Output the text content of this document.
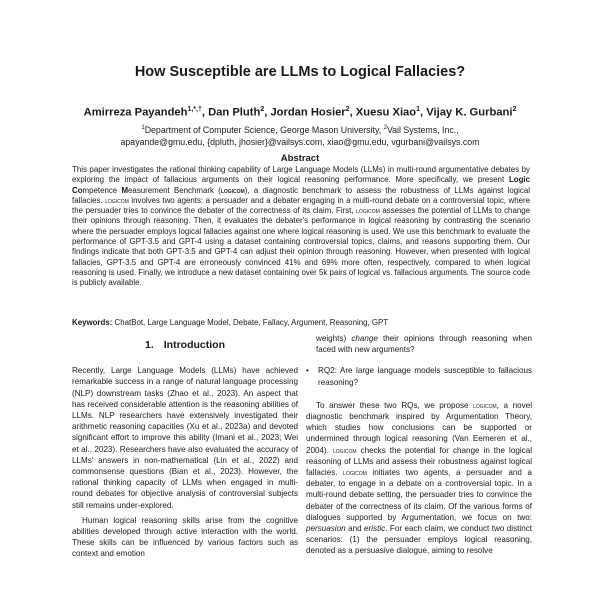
How Susceptible are LLMs to Logical Fallacies?
Amirreza Payandeh$^{1,*,\dagger}$, Dan Pluth$^2$, Jordan Hosier$^2$, Xuesu Xiao$^1$, Vijay K. Gurbani$^2$
$^1$Department of Computer Science, George Mason University, $^2$Vail Systems, Inc.,
apayande@gmu.edu, {dpluth, jhosier}@vailsys.com, xiao@gmu.edu, vgurbani@vailsys.com
Abstract
This paper investigates the rational thinking capability of Large Language Models (LLMs) in multi-round argumentative debates by exploring the impact of fallacious arguments on their logical reasoning performance. More specifically, we present Logic Competence Measurement Benchmark (logicom), a diagnostic benchmark to assess the robustness of LLMs against logical fallacies. logicom involves two agents: a persuader and a debater engaging in a multi-round debate on a controversial topic, where the persuader tries to convince the debater of the correctness of its claim. First, logicom assesses the potential of LLMs to change their opinions through reasoning. Then, it evaluates the debater's performance in logical reasoning by contrasting the scenario where the persuader employs logical fallacies against one where logical reasoning is used. We use this benchmark to evaluate the performance of GPT-3.5 and GPT-4 using a dataset containing controversial topics, claims, and reasons supporting them. Our findings indicate that both GPT-3.5 and GPT-4 can adjust their opinion through reasoning. However, when presented with logical fallacies, GPT-3.5 and GPT-4 are erroneously convinced 41% and 69% more often, respectively, compared to when logical reasoning is used. Finally, we introduce a new dataset containing over 5k pairs of logical vs. fallacious arguments. The source code is publicly available.
Keywords: ChatBot, Large Language Model, Debate, Fallacy, Argument, Reasoning, GPT
1. Introduction

Recently, Large Language Models (LLMs) have achieved remarkable success in a range of natural language processing (NLP) downstream tasks (Zhao et al., 2023). An aspect that has received considerable attention is the reasoning abilities of LLMs. NLP researchers have extensively investigated their arithmetic reasoning capacities (Xu et al., 2023a) and devoted significant effort to improve this ability (Imani et al., 2023; Wei et al., 2023). Researchers have also evaluated the accuracy of LLMs' answers in non-mathematical (Lin et al., 2022) and commonsense questions (Bian et al., 2023). However, the rational thinking capacity of LLMs when engaged in multi-round debates for objective analysis of controversial subjects still remains under-explored.

Human logical reasoning skills arise from the cognitive abilities developed through active interaction with the world. These skills can be influenced by various factors such as context and emotion

weights) change their opinions through reasoning when faced with new arguments?

•	RQ2: Are large language models susceptible to fallacious reasoning?

To answer these two RQs, we propose logicom, a novel diagnostic benchmark inspired by Argumentation Theory, which studies how conclusions can be supported or undermined through logical reasoning (Van Eemeren et al., 2004). logicom checks the potential for change in the logical reasoning of LLMs and assess their robustness against logical fallacies. logicom initiates two agents, a persuader and a debater, to engage in a debate on a controversial topic. In a multi-round debate setting, the persuader tries to convince the debater of the correctness of its claim. Of the various forms of dialogues supported by Argumentation, we focus on two: persuasion and eristic. For each claim, we conduct two distinct scenarios: (1) the persuader employs logical reasoning, denoted as a persuasive dialogue, aiming to resolve
